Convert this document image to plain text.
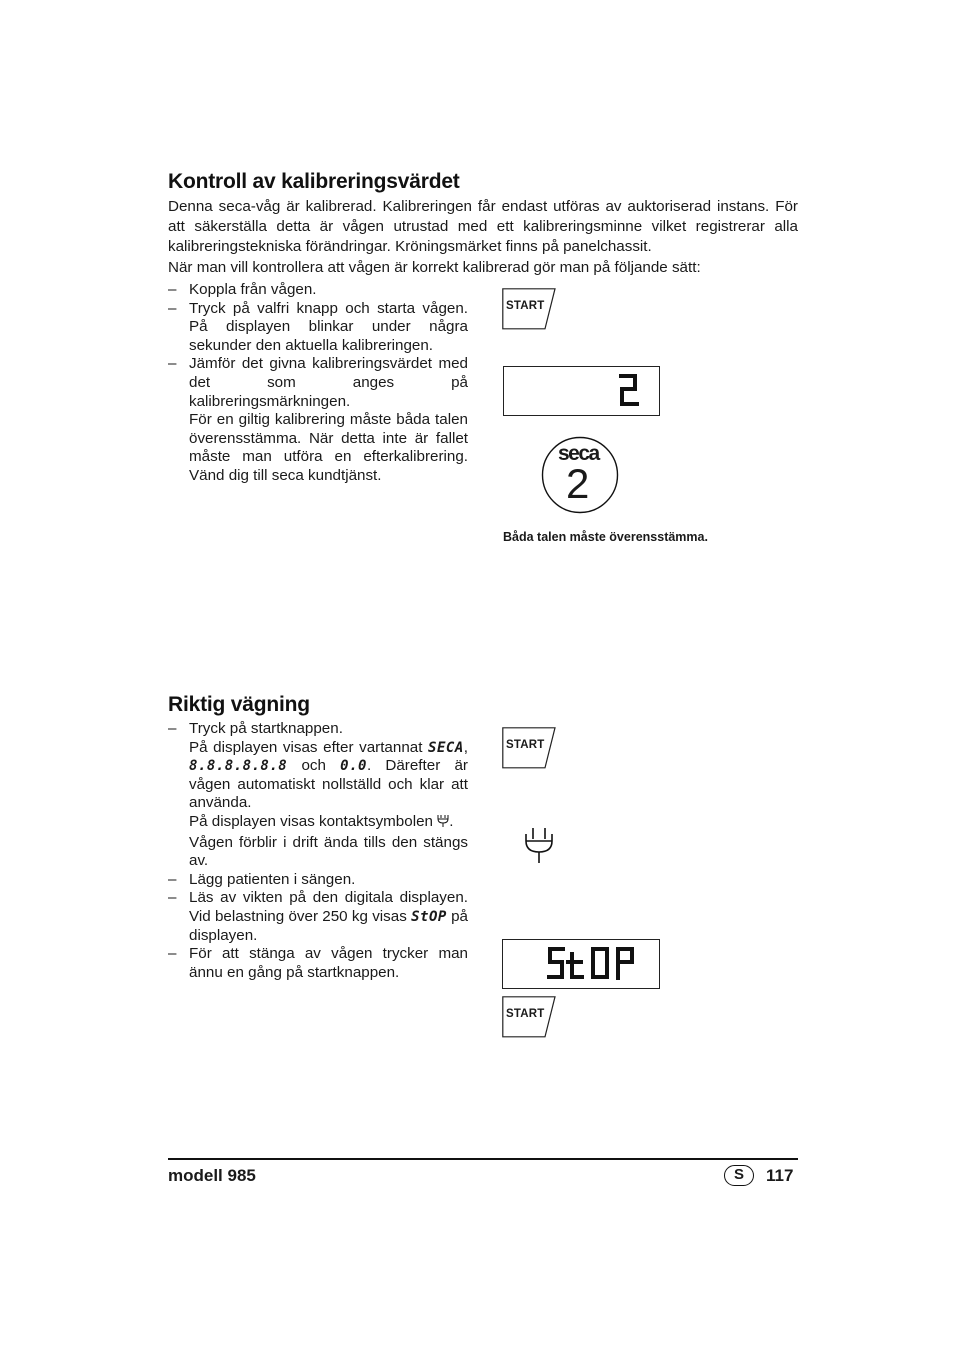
Kontroll av kalibreringsvärdet

Denna seca-våg är kalibrerad. Kalibreringen får endast utföras av auktoriserad instans. För att säkerställa detta är vågen utrustad med ett kalibreringsminne vilket registrerar alla kalibreringstekniska förändringar. Kröningsmärket finns på panelchassit.

När man vill kontrollera att vågen är korrekt kalibrerad gör man på följande sätt:

– Koppla från vågen.

– Tryck på valfri knapp och starta vågen. På displayen blinkar under några sekunder den aktuella kalibreringen.

– Jämför det givna kalibreringsvärdet med det som anges på kalibreringsmärkningen.

För en giltig kalibrering måste båda talen överensstämma. När detta inte är fallet måste man utföra en efterkalibrering. Vänd dig till seca kundtjänst.

START
seca
2
Båda talen måste överensstämma.
Riktig vägning
– Tryck på startknappen.

På displayen visas efter vartannat SECA, 8.8.8.8.8.8 och 0.0. Därefter är vågen automatiskt nollställd och klar att använda.

På displayen visas kontaktsymbolen .

Vågen förblir i drift ända tills den stängs av.

– Lägg patienten i sängen.

– Läs av vikten på den digitala displayen. Vid belastning över 250 kg visas StOP på displayen.

– För att stänga av vågen trycker man ännu en gång på startknappen.

START
START
modell 985	S	117
